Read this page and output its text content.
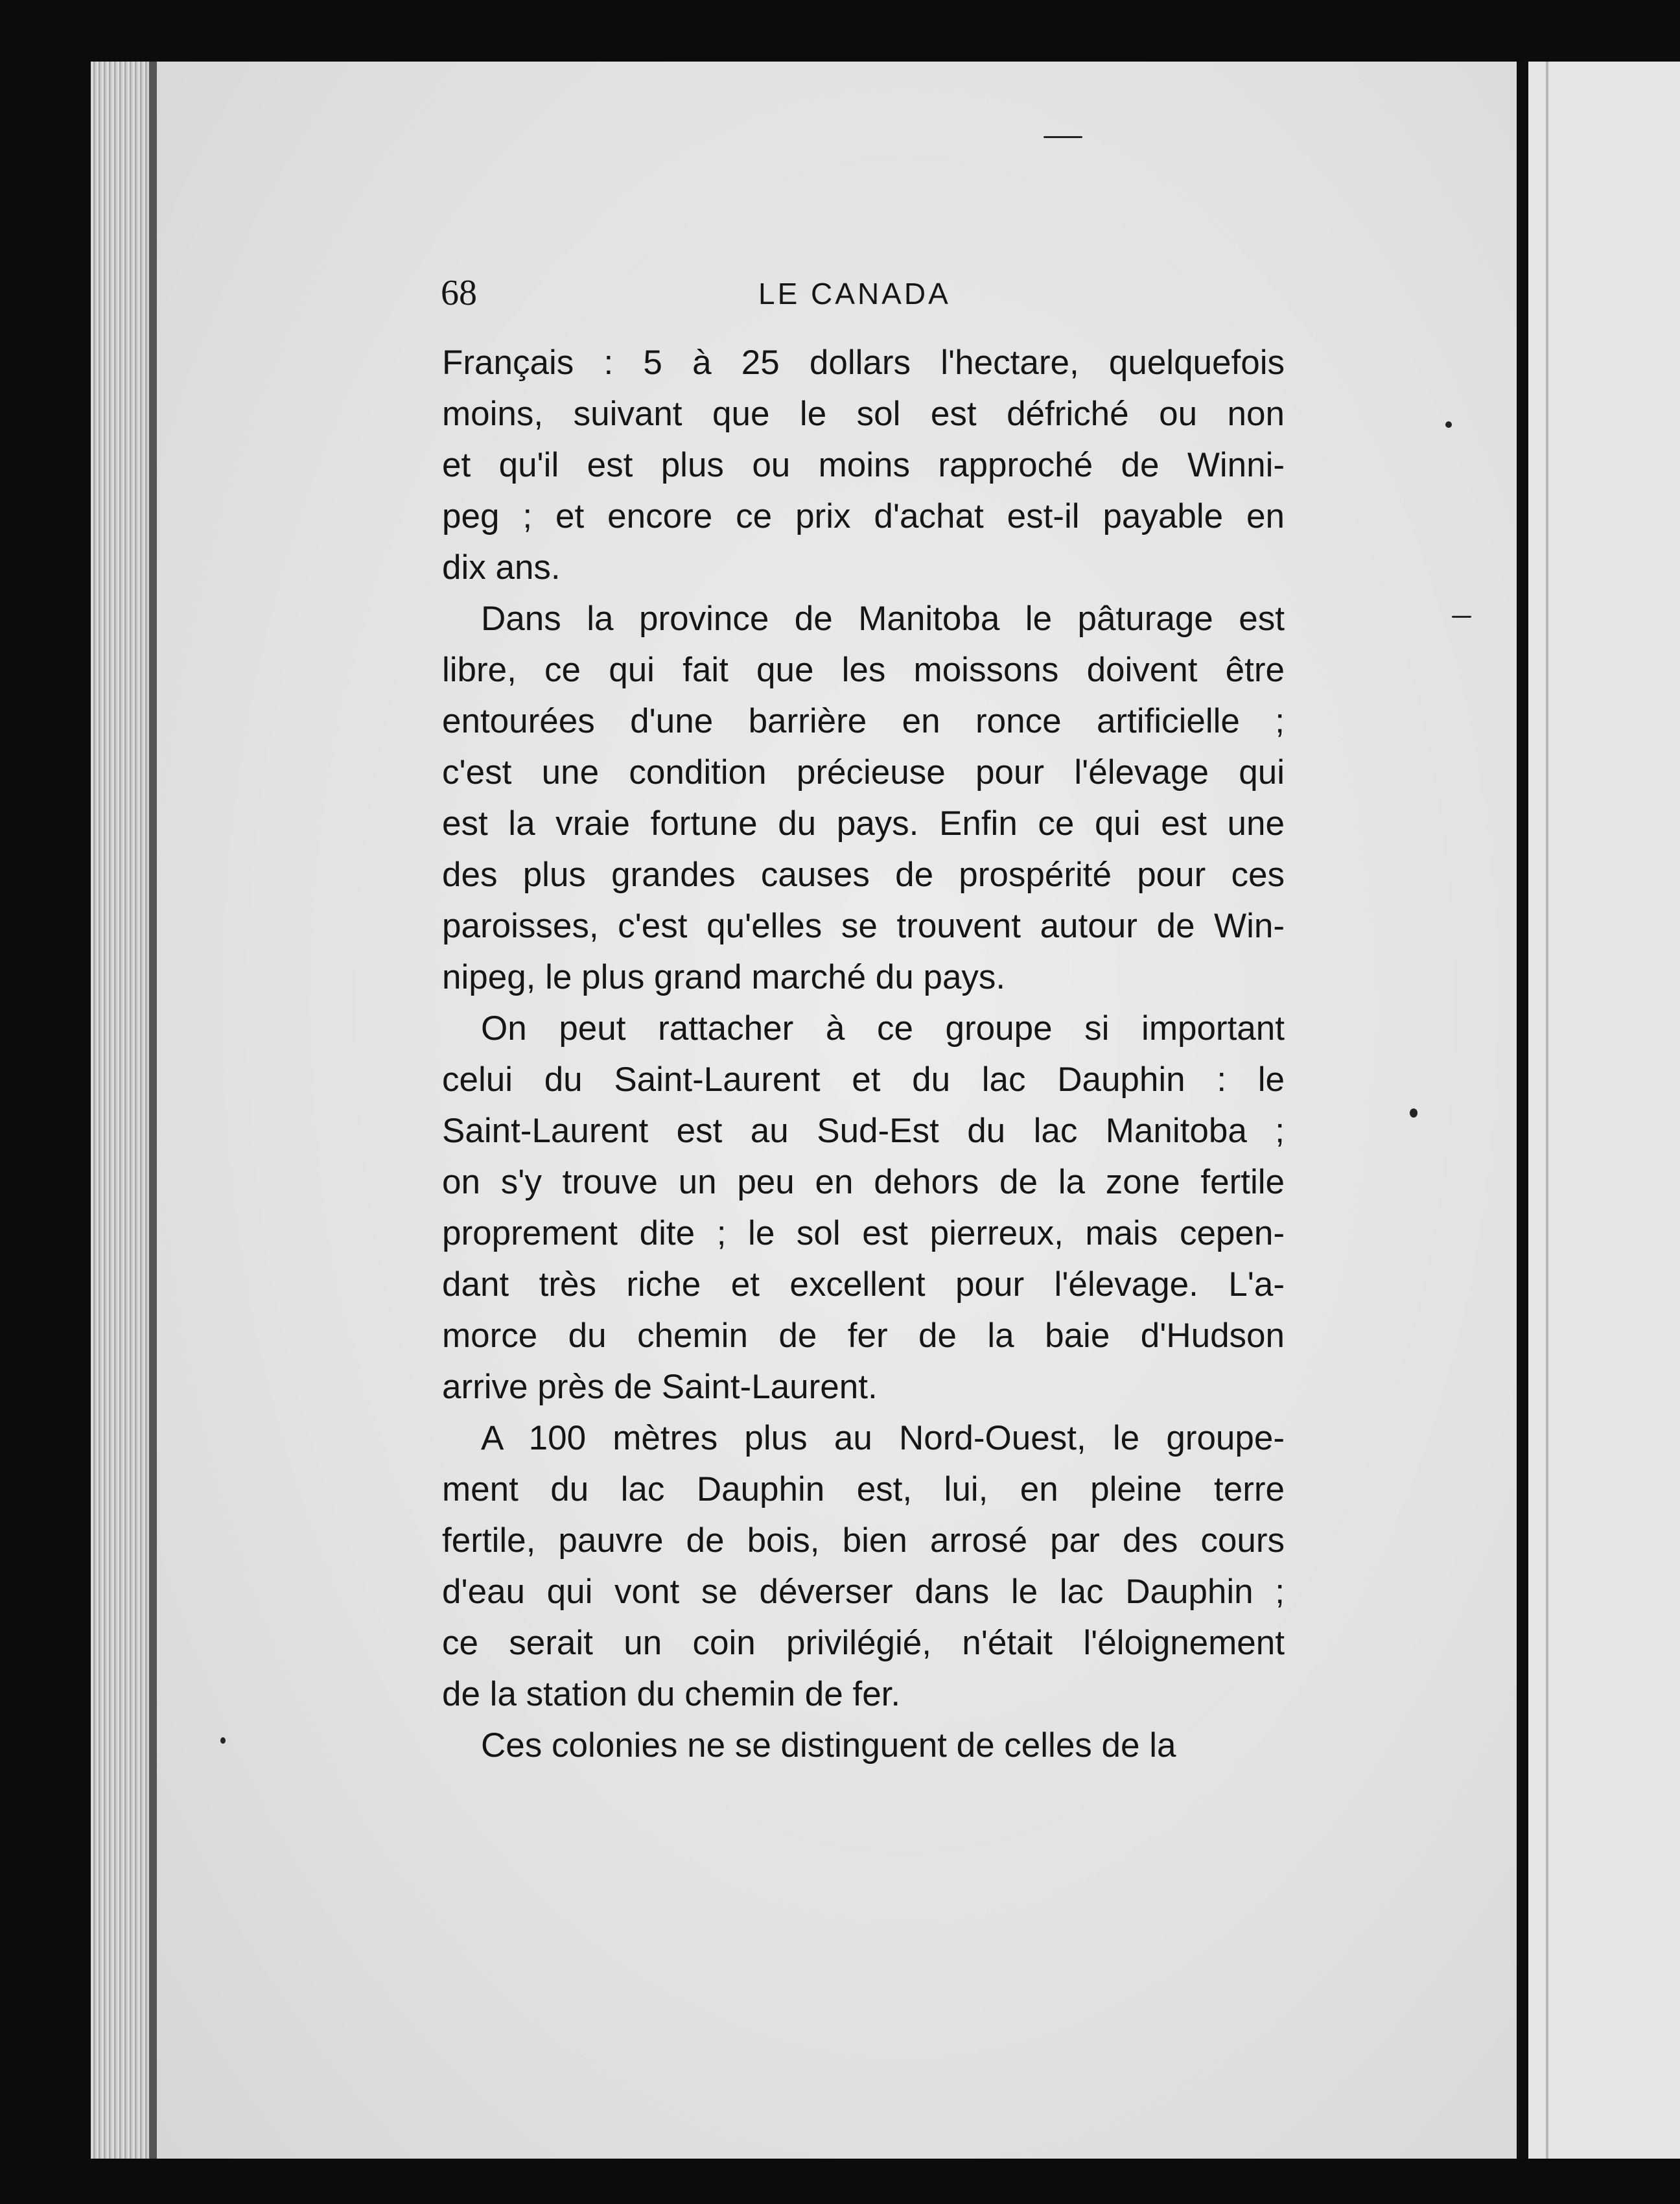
68	LE CANADA
Français : 5 à 25 dollars l'hectare, quelquefois
moins, suivant que le sol est défriché ou non
et qu'il est plus ou moins rapproché de Winni-
peg ; et encore ce prix d'achat est-il payable en
dix ans.
Dans la province de Manitoba le pâturage est
libre, ce qui fait que les moissons doivent être
entourées d'une barrière en ronce artificielle ;
c'est une condition précieuse pour l'élevage qui
est la vraie fortune du pays. Enfin ce qui est une
des plus grandes causes de prospérité pour ces
paroisses, c'est qu'elles se trouvent autour de Win-
nipeg, le plus grand marché du pays.
On peut rattacher à ce groupe si important
celui du Saint-Laurent et du lac Dauphin : le
Saint-Laurent est au Sud-Est du lac Manitoba ;
on s'y trouve un peu en dehors de la zone fertile
proprement dite ; le sol est pierreux, mais cepen-
dant très riche et excellent pour l'élevage. L'a-
morce du chemin de fer de la baie d'Hudson
arrive près de Saint-Laurent.
A 100 mètres plus au Nord-Ouest, le groupe-
ment du lac Dauphin est, lui, en pleine terre
fertile, pauvre de bois, bien arrosé par des cours
d'eau qui vont se déverser dans le lac Dauphin ;
ce serait un coin privilégié, n'était l'éloignement
de la station du chemin de fer.
Ces colonies ne se distinguent de celles de la
